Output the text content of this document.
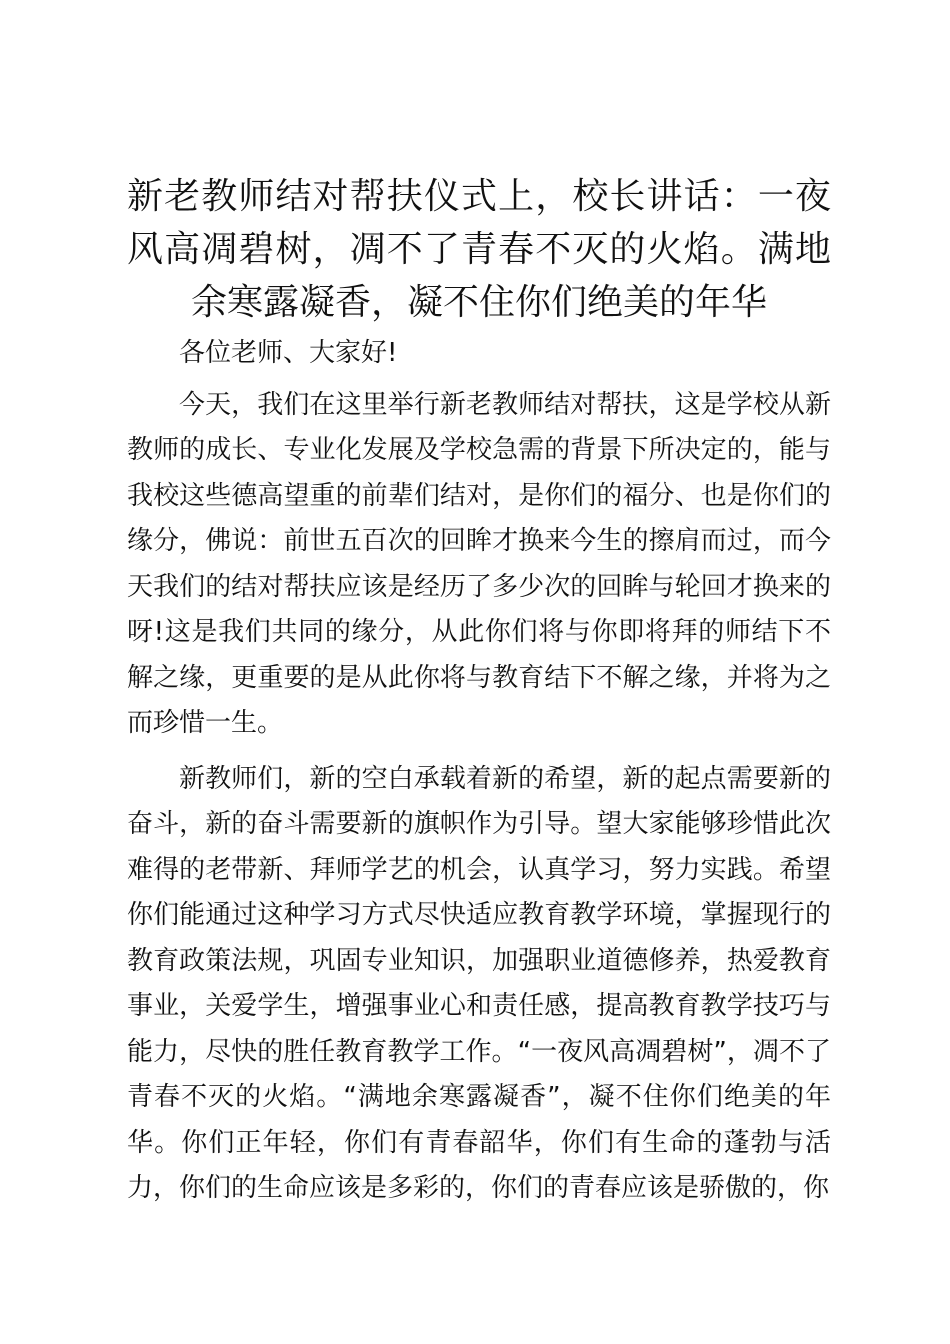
新老教师结对帮扶仪式上，校长讲话：一夜风高凋碧树，凋不了青春不灭的火焰。满地余寒露凝香，凝不住你们绝美的年华

各位老师、大家好!

今天，我们在这里举行新老教师结对帮扶，这是学校从新教师的成长、专业化发展及学校急需的背景下所决定的，能与我校这些德高望重的前辈们结对，是你们的福分、也是你们的缘分，佛说：前世五百次的回眸才换来今生的擦肩而过，而今天我们的结对帮扶应该是经历了多少次的回眸与轮回才换来的呀!这是我们共同的缘分，从此你们将与你即将拜的师结下不解之缘，更重要的是从此你将与教育结下不解之缘，并将为之而珍惜一生。

新教师们，新的空白承载着新的希望，新的起点需要新的奋斗，新的奋斗需要新的旗帜作为引导。望大家能够珍惜此次难得的老带新、拜师学艺的机会，认真学习，努力实践。希望你们能通过这种学习方式尽快适应教育教学环境，掌握现行的教育政策法规，巩固专业知识，加强职业道德修养，热爱教育事业，关爱学生，增强事业心和责任感，提高教育教学技巧与能力，尽快的胜任教育教学工作。“一夜风高凋碧树”，凋不了青春不灭的火焰。“满地余寒露凝香”，凝不住你们绝美的年华。你们正年轻，你们有青春韶华，你们有生命的蓬勃与活力，你们的生命应该是多彩的，你们的青春应该是骄傲的，你
